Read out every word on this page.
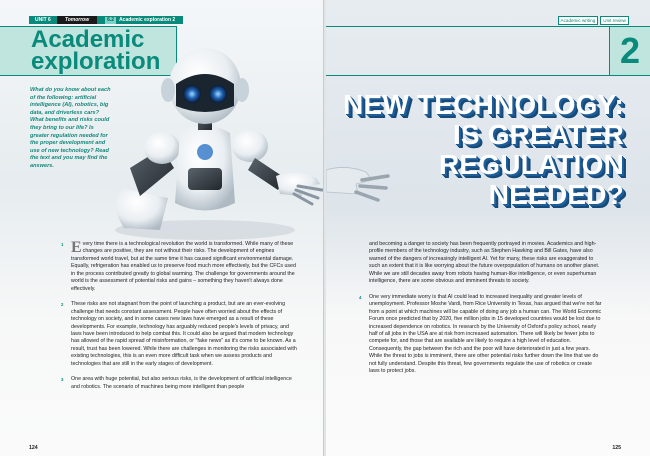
UNIT 6	Tomorrow	6.2	Academic exploration 2
Academic
exploration

What do you know about each of the following: artificial intelligence (AI), robotics, big data, and driverless cars? What benefits and risks could they bring to our life? Is greater regulation needed for the proper development and use of new technology? Read the text and you may find the answers.

1 E very time there is a technological revolution the world is transformed. While many of these changes are positive, they are not without their risks. The development of engines transformed world travel, but at the same time it has caused significant environmental damage. Equally, refrigeration has enabled us to preserve food much more effectively, but the CFCs used in the process contributed greatly to global warming. The challenge for governments around the world is the assessment of potential risks and gains – something they haven't always done effectively.

2 These risks are not stagnant from the point of launching a product, but are an ever-evolving challenge that needs constant assessment. People have often worried about the effects of technology on society, and in some cases new laws have emerged as a result of these developments. For example, technology has arguably reduced people's levels of privacy, and laws have been introduced to help combat this. It could also be argued that modern technology has allowed of the rapid spread of misinformation, or "fake news" as it's come to be known. As a result, trust has been lowered. While there are challenges in monitoring the risks associated with existing technologies, this is an even more difficult task when we assess products and technologies that are still in the early stages of development.

3 One area with huge potential, but also serious risks, is the development of artificial intelligence and robotics. The scenario of machines being more intelligent than people

124
Academic writing	Unit review
2
NEW TECHNOLOGY:
IS GREATER
REGULATION
NEEDED?

and becoming a danger to society has been frequently portrayed in movies. Academics and high-profile members of the technology industry, such as Stephen Hawking and Bill Gates, have also warned of the dangers of increasingly intelligent AI. Yet for many, these risks are exaggerated to such an extent that it is like worrying about the future overpopulation of humans on another planet. While we are still decades away from robots having human-like intelligence, or even superhuman intelligence, there are some obvious and imminent threats to society.

4 One very immediate worry is that AI could lead to increased inequality and greater levels of unemployment. Professor Moshe Vardi, from Rice University in Texas, has argued that we're not far from a point at which machines will be capable of doing any job a human can. The World Economic Forum once predicted that by 2020, five million jobs in 15 developed countries would be lost due to increased dependence on robotics. In research by the University of Oxford's policy school, nearly half of all jobs in the USA are at risk from increased automation. There will likely be fewer jobs to compete for, and those that are available are likely to require a high level of education. Consequently, the gap between the rich and the poor will have deteriorated in just a few years. While the threat to jobs is imminent, there are other potential risks further down the line that we do not fully understand. Despite this threat, few governments regulate the use of robotics or create laws to protect jobs.

125
